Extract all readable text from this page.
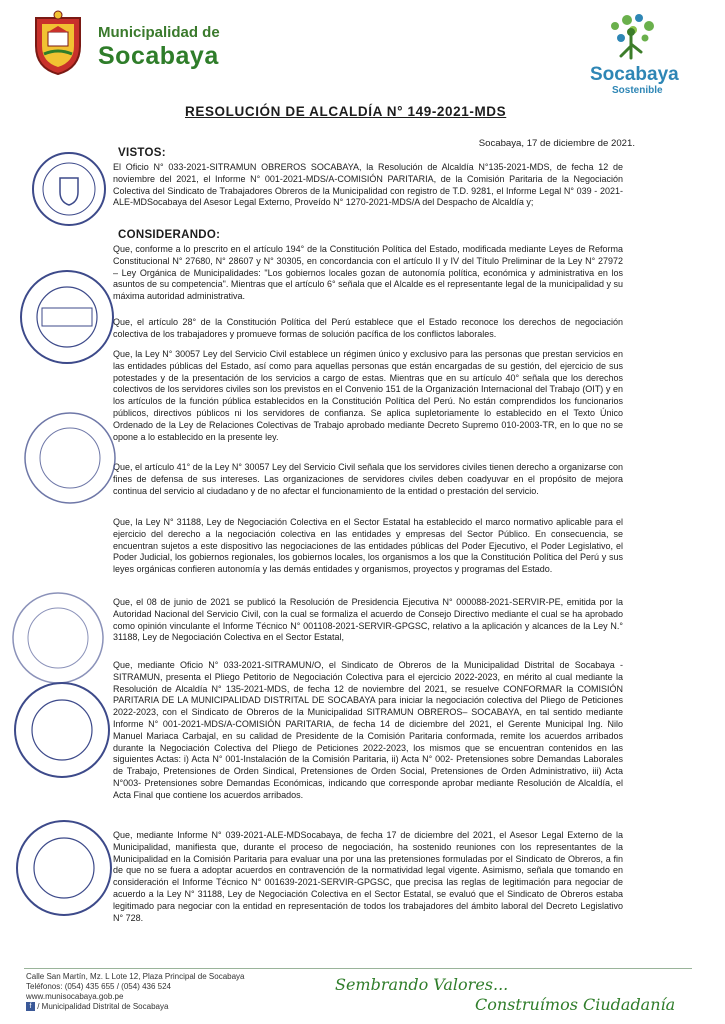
Municipalidad de
Socabaya
Socabaya
Sostenible
RESOLUCIÓN DE ALCALDÍA N° 149-2021-MDS
Socabaya, 17 de diciembre de 2021.
VISTOS:
El Oficio N° 033-2021-SITRAMUN OBREROS SOCABAYA, la Resolución de Alcaldía N°135-2021-MDS, de fecha 12 de noviembre del 2021, el Informe N° 001-2021-MDS/A-COMISIÓN PARITARIA, de la Comisión Paritaria de la Negociación Colectiva del Sindicato de Trabajadores Obreros de la Municipalidad con registro de T.D. 9281, el Informe Legal N° 039 - 2021-ALE-MDSocabaya del Asesor Legal Externo, Proveído N° 1270-2021-MDS/A del Despacho de Alcaldía y;
CONSIDERANDO:
Que, conforme a lo prescrito en el artículo 194° de la Constitución Política del Estado, modificada mediante Leyes de Reforma Constitucional N° 27680, N° 28607 y N° 30305, en concordancia con el artículo II y IV del Título Preliminar de la Ley N° 27972 – Ley Orgánica de Municipalidades: "Los gobiernos locales gozan de autonomía política, económica y administrativa en los asuntos de su competencia". Mientras que el artículo 6° señala que el Alcalde es el representante legal de la municipalidad y su máxima autoridad administrativa.
Que, el artículo 28° de la Constitución Política del Perú establece que el Estado reconoce los derechos de negociación colectiva de los trabajadores y promueve formas de solución pacífica de los conflictos laborales.
Que, la Ley N° 30057 Ley del Servicio Civil establece un régimen único y exclusivo para las personas que prestan servicios en las entidades públicas del Estado, así como para aquellas personas que están encargadas de su gestión, del ejercicio de sus potestades y de la presentación de los servicios a cargo de estas. Mientras que en su artículo 40° señala que los derechos colectivos de los servidores civiles son los previstos en el Convenio 151 de la Organización Internacional del Trabajo (OIT) y en los artículos de la función pública establecidos en la Constitución Política del Perú. No están comprendidos los funcionarios públicos, directivos públicos ni los servidores de confianza. Se aplica supletoriamente lo establecido en el Texto Único Ordenado de la Ley de Relaciones Colectivas de Trabajo aprobado mediante Decreto Supremo 010-2003-TR, en lo que no se opone a lo establecido en la presente ley.
Que, el artículo 41° de la Ley N° 30057 Ley del Servicio Civil señala que los servidores civiles tienen derecho a organizarse con fines de defensa de sus intereses. Las organizaciones de servidores civiles deben coadyuvar en el propósito de mejora continua del servicio al ciudadano y de no afectar el funcionamiento de la entidad o prestación del servicio.
Que, la Ley N° 31188, Ley de Negociación Colectiva en el Sector Estatal ha establecido el marco normativo aplicable para el ejercicio del derecho a la negociación colectiva en las entidades y empresas del Sector Público. En consecuencia, se encuentran sujetos a este dispositivo las negociaciones de las entidades públicas del Poder Ejecutivo, el Poder Legislativo, el Poder Judicial, los gobiernos regionales, los gobiernos locales, los organismos a los que la Constitución Política del Perú y sus leyes orgánicas confieren autonomía y las demás entidades y organismos, proyectos y programas del Estado.
Que, el 08 de junio de 2021 se publicó la Resolución de Presidencia Ejecutiva N° 000088-2021-SERVIR-PE, emitida por la Autoridad Nacional del Servicio Civil, con la cual se formaliza el acuerdo de Consejo Directivo mediante el cual se ha aprobado como opinión vinculante el Informe Técnico N° 001108-2021-SERVIR-GPGSC, relativo a la aplicación y alcances de la Ley N.° 31188, Ley de Negociación Colectiva en el Sector Estatal,
Que, mediante Oficio N° 033-2021-SITRAMUN/O, el Sindicato de Obreros de la Municipalidad Distrital de Socabaya - SITRAMUN, presenta el Pliego Petitorio de Negociación Colectiva para el ejercicio 2022-2023, en mérito al cual mediante la Resolución de Alcaldía N° 135-2021-MDS, de fecha 12 de noviembre del 2021, se resuelve CONFORMAR la COMISIÓN PARITARIA DE LA MUNICIPALIDAD DISTRITAL DE SOCABAYA para iniciar la negociación colectiva del Pliego de Peticiones 2022-2023, con el Sindicato de Obreros de la Municipalidad SITRAMUN OBREROS– SOCABAYA, en tal sentido mediante Informe N° 001-2021-MDS/A-COMISIÓN PARITARIA, de fecha 14 de diciembre del 2021, el Gerente Municipal Ing. Nilo Manuel Mariaca Carbajal, en su calidad de Presidente de la Comisión Paritaria conformada, remite los acuerdos arribados durante la Negociación Colectiva del Pliego de Peticiones 2022-2023, los mismos que se encuentran contenidos en las siguientes Actas: i) Acta N° 001-Instalación de la Comisión Paritaria, ii) Acta N° 002- Pretensiones sobre Demandas Laborales de Trabajo, Pretensiones de Orden Sindical, Pretensiones de Orden Social, Pretensiones de Orden Administrativo, iii) Acta N°003- Pretensiones sobre Demandas Económicas, indicando que corresponde aprobar mediante Resolución de Alcaldía, el Acta Final que contiene los acuerdos arribados.
Que, mediante Informe N° 039-2021-ALE-MDSocabaya, de fecha 17 de diciembre del 2021, el Asesor Legal Externo de la Municipalidad, manifiesta que, durante el proceso de negociación, ha sostenido reuniones con los representantes de la Municipalidad en la Comisión Paritaria para evaluar una por una las pretensiones formuladas por el Sindicato de Obreros, a fin de que no se fuera a adoptar acuerdos en contravención de la normatividad legal vigente. Asimismo, señala que tomando en consideración el Informe Técnico N° 001639-2021-SERVIR-GPGSC, que precisa las reglas de legitimación para negociar de acuerdo a la Ley N° 31188, Ley de Negociación Colectiva en el Sector Estatal, se evaluó que el Sindicato de Obreros estaba legitimado para negociar con la entidad en representación de todos los trabajadores del ámbito laboral del Decreto Legislativo N° 728.
Calle San Martín, Mz. L Lote 12, Plaza Principal de Socabaya
Teléfonos: (054) 435 655 / (054) 436 524
www.munisocabaya.gob.pe
f / Municipalidad Distrital de Socabaya
Sembrando Valores...
Construímos Ciudadanía
